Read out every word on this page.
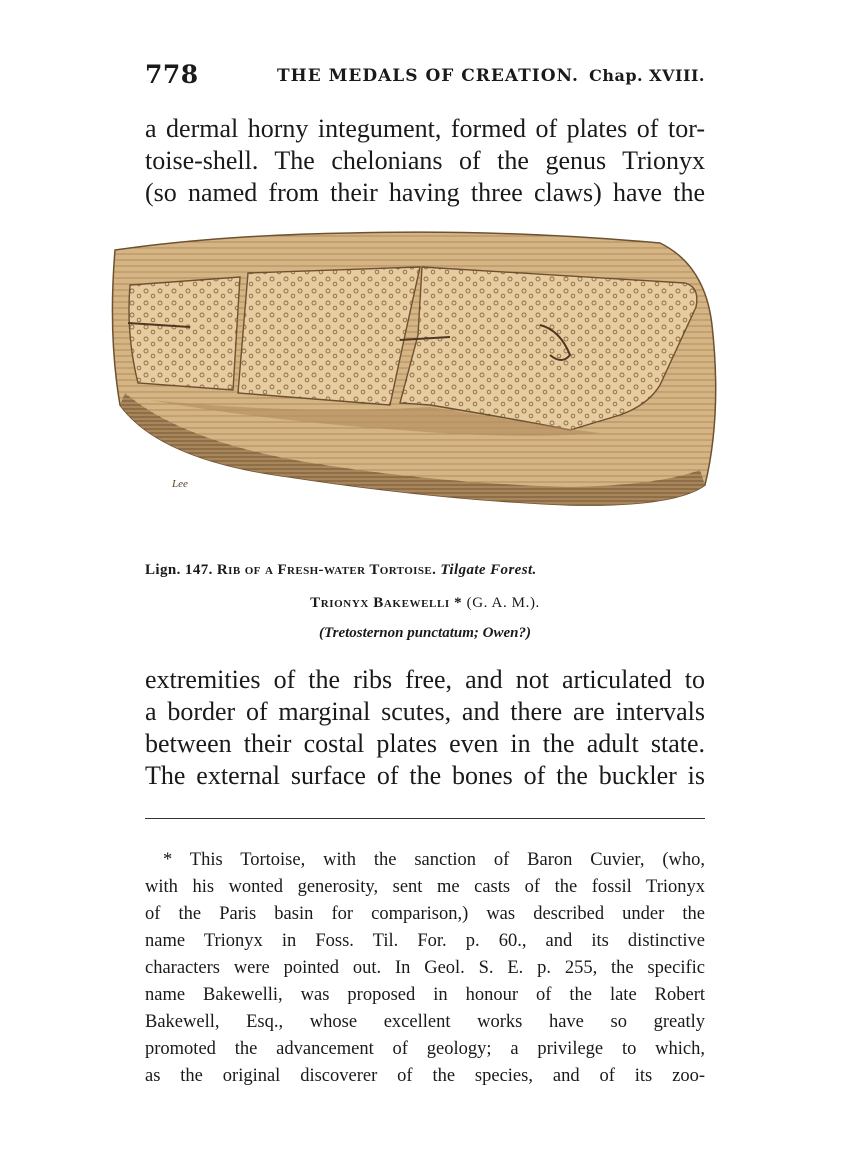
778	THE MEDALS OF CREATION. Chap. XVIII.
a dermal horny integument, formed of plates of tor-
toise-shell. The chelonians of the genus Trionyx
(so named from their having three claws) have the
Lee
Lign. 147. Rib of a Fresh-water Tortoise. Tilgate Forest.
Trionyx Bakewelli * (G. A. M.).
(Tretosternon punctatum; Owen?)
extremities of the ribs free, and not articulated to
a border of marginal scutes, and there are intervals
between their costal plates even in the adult state.
The external surface of the bones of the buckler is
* This Tortoise, with the sanction of Baron Cuvier, (who,
with his wonted generosity, sent me casts of the fossil Trionyx
of the Paris basin for comparison,) was described under the
name Trionyx in Foss. Til. For. p. 60., and its distinctive
characters were pointed out. In Geol. S. E. p. 255, the specific
name Bakewelli, was proposed in honour of the late Robert
Bakewell, Esq., whose excellent works have so greatly
promoted the advancement of geology; a privilege to which,
as the original discoverer of the species, and of its zoo-
